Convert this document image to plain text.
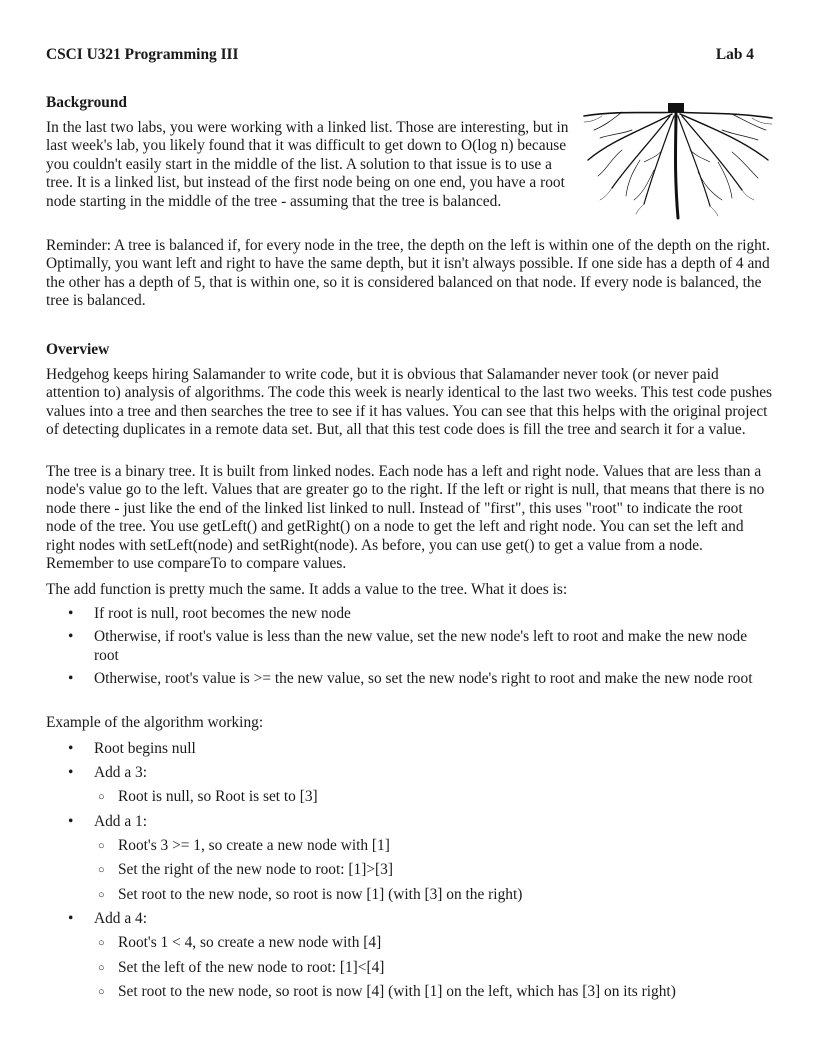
CSCI U321 Programming III	Lab 4
Background

In the last two labs, you were working with a linked list. Those are interesting, but in last week's lab, you likely found that it was difficult to get down to O(log n) because you couldn't easily start in the middle of the list. A solution to that issue is to use a tree. It is a linked list, but instead of the first node being on one end, you have a root node starting in the middle of the tree - assuming that the tree is balanced.

Reminder: A tree is balanced if, for every node in the tree, the depth on the left is within one of the depth on the right. Optimally, you want left and right to have the same depth, but it isn't always possible. If one side has a depth of 4 and the other has a depth of 5, that is within one, so it is considered balanced on that node. If every node is balanced, the tree is balanced.

Overview

Hedgehog keeps hiring Salamander to write code, but it is obvious that Salamander never took (or never paid attention to) analysis of algorithms. The code this week is nearly identical to the last two weeks. This test code pushes values into a tree and then searches the tree to see if it has values. You can see that this helps with the original project of detecting duplicates in a remote data set. But, all that this test code does is fill the tree and search it for a value.

The tree is a binary tree. It is built from linked nodes. Each node has a left and right node. Values that are less than a node's value go to the left. Values that are greater go to the right. If the left or right is null, that means that there is no node there - just like the end of the linked list linked to null. Instead of "first", this uses "root" to indicate the root node of the tree. You use getLeft() and getRight() on a node to get the left and right node. You can set the left and right nodes with setLeft(node) and setRight(node). As before, you can use get() to get a value from a node. Remember to use compareTo to compare values.

The add function is pretty much the same. It adds a value to the tree. What it does is:

• If root is null, root becomes the new node
• Otherwise, if root's value is less than the new value, set the new node's left to root and make the new node root
• Otherwise, root's value is >= the new value, so set the new node's right to root and make the new node root

Example of the algorithm working:

• Root begins null
• Add a 3:
○ Root is null, so Root is set to [3]
• Add a 1:
○ Root's 3 >= 1, so create a new node with [1]
○ Set the right of the new node to root: [1]>[3]
○ Set root to the new node, so root is now [1] (with [3] on the right)
• Add a 4:
○ Root's 1 < 4, so create a new node with [4]
○ Set the left of the new node to root: [1]<[4]
○ Set root to the new node, so root is now [4] (with [1] on the left, which has [3] on its right)
